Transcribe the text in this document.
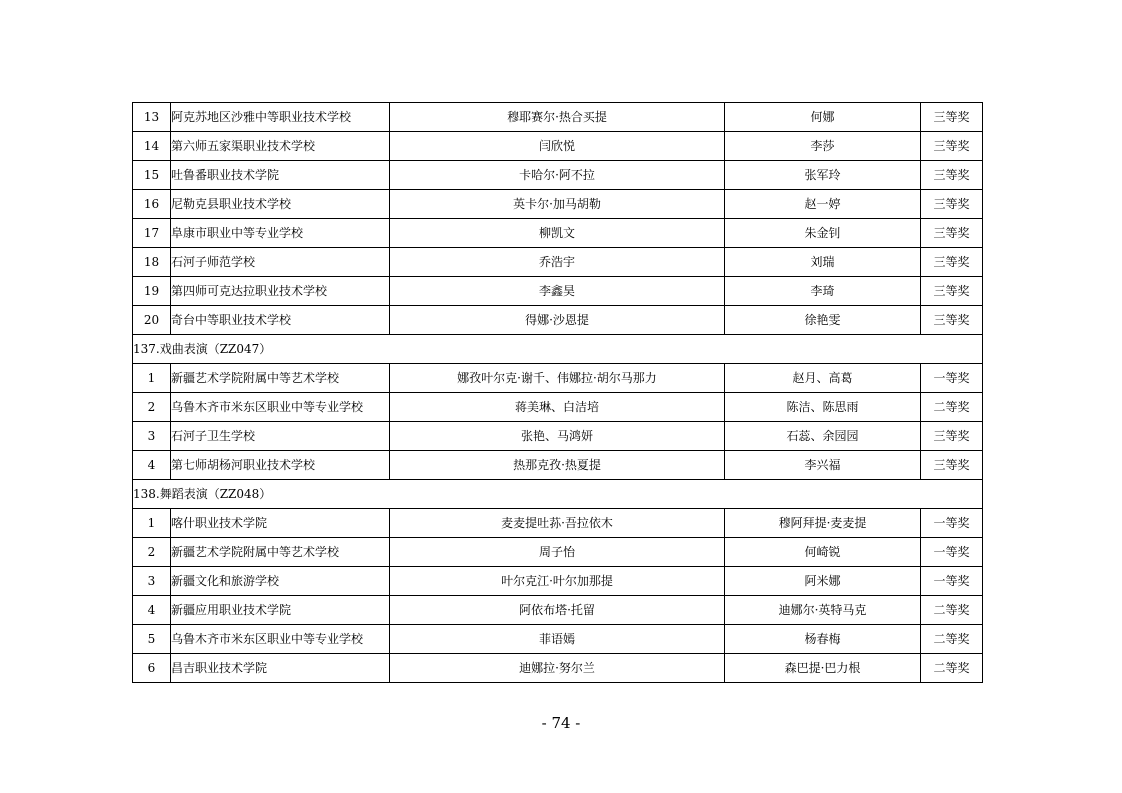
13	阿克苏地区沙雅中等职业技术学校	穆耶赛尔·热合买提	何娜	三等奖
14	第六师五家渠职业技术学校	闫欣悦	李莎	三等奖
15	吐鲁番职业技术学院	卡哈尔·阿不拉	张军玲	三等奖
16	尼勒克县职业技术学校	英卡尔·加马胡勒	赵一婷	三等奖
17	阜康市职业中等专业学校	柳凯文	朱金钊	三等奖
18	石河子师范学校	乔浩宇	刘瑞	三等奖
19	第四师可克达拉职业技术学校	李鑫昊	李琦	三等奖
20	奇台中等职业技术学校	得娜·沙恩提	徐艳雯	三等奖
137.戏曲表演（ZZ047）				
1	新疆艺术学院附属中等艺术学校	娜孜叶尔克·谢千、伟娜拉·胡尔马那力	赵月、高葛	一等奖
2	乌鲁木齐市米东区职业中等专业学校	蒋美琳、白洁培	陈洁、陈思雨	二等奖
3	石河子卫生学校	张艳、马鸿妍	石蕊、余园园	三等奖
4	第七师胡杨河职业技术学校	热那克孜·热夏提	李兴福	三等奖
138.舞蹈表演（ZZ048）				
1	喀什职业技术学院	麦麦提吐荪·吾拉依木	穆阿拜提·麦麦提	一等奖
2	新疆艺术学院附属中等艺术学校	周子怡	何崎锐	一等奖
3	新疆文化和旅游学校	叶尔克江·叶尔加那提	阿米娜	一等奖
4	新疆应用职业技术学院	阿依布塔·托留	迪娜尔·英特马克	二等奖
5	乌鲁木齐市米东区职业中等专业学校	菲语嫣	杨春梅	二等奖
6	昌吉职业技术学院	迪娜拉·努尔兰	森巴提·巴力根	二等奖
- 74 -
